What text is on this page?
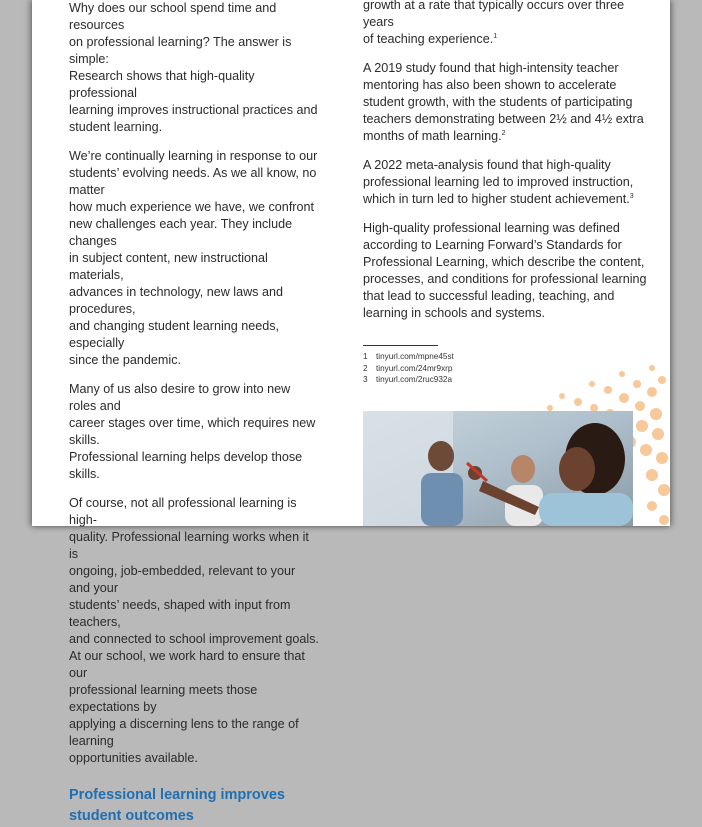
Why does our school spend time and resources
on professional learning? The answer is simple:
Research shows that high-quality professional
learning improves instructional practices and
student learning.

We’re continually learning in response to our
students’ evolving needs. As we all know, no matter
how much experience we have, we confront
new challenges each year. They include changes
in subject content, new instructional materials,
advances in technology, new laws and procedures,
and changing student learning needs, especially
since the pandemic.

Many of us also desire to grow into new roles and
career stages over time, which requires new skills.
Professional learning helps develop those skills.

Of course, not all professional learning is high-
quality. Professional learning works when it is
ongoing, job-embedded, relevant to your and your
students’ needs, shaped with input from teachers,
and connected to school improvement goals.
At our school, we work hard to ensure that our
professional learning meets those expectations by
applying a discerning lens to the range of learning
opportunities available.

Professional learning improves
student outcomes

growth at a rate that typically occurs over three years
of teaching experience.$^1$

A 2019 study found that high-intensity teacher
mentoring has also been shown to accelerate
student growth, with the students of participating
teachers demonstrating between 2½ and 4½ extra
months of math learning.$^2$

A 2022 meta-analysis found that high-quality
professional learning led to improved instruction,
which in turn led to higher student achievement.$^3$

High-quality professional learning was defined
according to Learning Forward’s Standards for
Professional Learning, which describe the content,
processes, and conditions for professional learning
that lead to successful leading, teaching, and
learning in schools and systems.

1 tinyurl.com/mpne45st
2 tinyurl.com/24mr9xrp
3 tinyurl.com/2ruc932a
